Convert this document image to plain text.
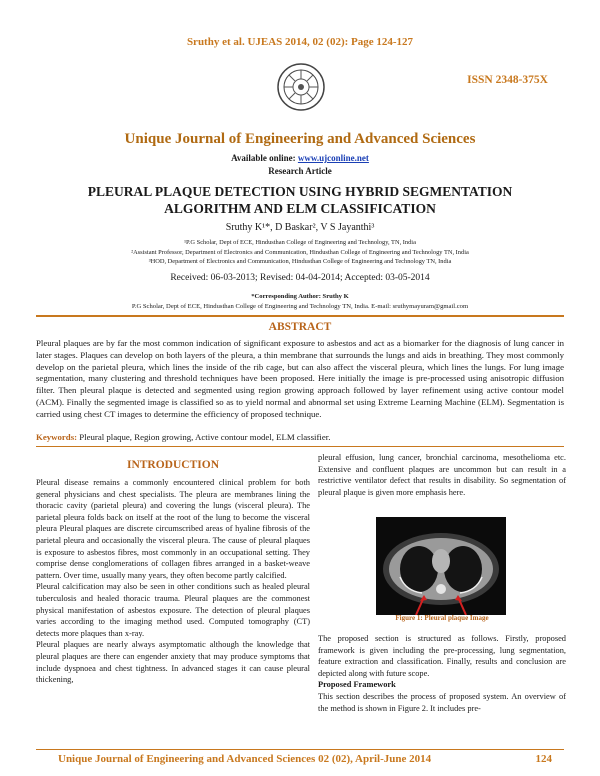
Sruthy et al. UJEAS 2014, 02 (02): Page 124-127
ISSN 2348-375X
Unique Journal of Engineering and Advanced Sciences
Available online: www.ujconline.net
Research Article
PLEURAL PLAQUE DETECTION USING HYBRID SEGMENTATION
ALGORITHM AND ELM CLASSIFICATION
Sruthy K¹*, D Baskar², V S Jayanthi³
¹P.G Scholar, Dept of ECE, Hindusthan College of Engineering and Technology, TN, India
²Assistant Professor, Department of Electronics and Communication, Hindusthan College of Engineering and Technology TN, India
³HOD, Department of Electronics and Communication, Hindusthan College of Engineering and Technology TN, India
Received: 06-03-2013; Revised: 04-04-2014; Accepted: 03-05-2014
*Corresponding Author: Sruthy K
P.G Scholar, Dept of ECE, Hindusthan College of Engineering and Technology TN, India. E-mail: sruthymayuram@gmail.com
ABSTRACT
Pleural plaques are by far the most common indication of significant exposure to asbestos and act as a biomarker for the diagnosis of lung cancer in later stages. Plaques can develop on both layers of the pleura, a thin membrane that surrounds the lungs and aids in breathing. They most commonly develop on the parietal pleura, which lines the inside of the rib cage, but can also affect the visceral pleura, which lines the lungs. For lung image segmentation, many clustering and threshold techniques have been proposed. Here initially the image is pre-processed using anisotropic diffusion filter. Then pleural plaque is detected and segmented using region growing approach followed by layer refinement using active contour model (ACM). Finally the segmented image is classified so as to yield normal and abnormal set using Extreme Learning Machine (ELM). Segmentation is carried using chest CT images to determine the efficiency of proposed technique.
Keywords: Pleural plaque, Region growing, Active contour model, ELM classifier.
INTRODUCTION

Pleural disease remains a commonly encountered clinical problem for both general physicians and chest specialists. The pleura are membranes lining the thoracic cavity (parietal pleura) and covering the lungs (visceral pleura). The parietal pleura folds back on itself at the root of the lung to become the visceral pleura Pleural plaques are discrete circumscribed areas of hyaline fibrosis of the parietal pleura and occasionally the visceral pleura. The cause of pleural plaques is exposure to asbestos fibres, most commonly in an occupational setting. They comprise dense conglomerations of collagen fibres arranged in a basket-weave pattern. Over time, usually many years, they often become partly calcified.

Pleural calcification may also be seen in other conditions such as healed pleural tuberculosis and healed thoracic trauma. Pleural plaques are the commonest physical manifestation of asbestos exposure. The detection of pleural plaques varies according to the imaging method used. Computed tomography (CT) detects more plaques than x-ray.

Pleural plaques are nearly always asymptomatic although the knowledge that pleural plaques are there can engender anxiety that may produce symptoms that include dyspnoea and chest tightness. In advanced stages it can cause pleural thickening,

pleural effusion, lung cancer, bronchial carcinoma, mesothelioma etc. Extensive and confluent plaques are uncommon but can result in a restrictive ventilator defect that results in disability. So segmentation of pleural plaque is given more emphasis here.
Figure 1: Pleural plaque Image

The proposed section is structured as follows. Firstly, proposed framework is given including the pre-processing, lung segmentation, feature extraction and classification. Finally, results and conclusion are depicted along with future scope.

Proposed Framework

This section describes the process of proposed system. An overview of the method is shown in Figure 2. It includes pre-

Unique Journal of Engineering and Advanced Sciences 02 (02), April-June 2014	124
